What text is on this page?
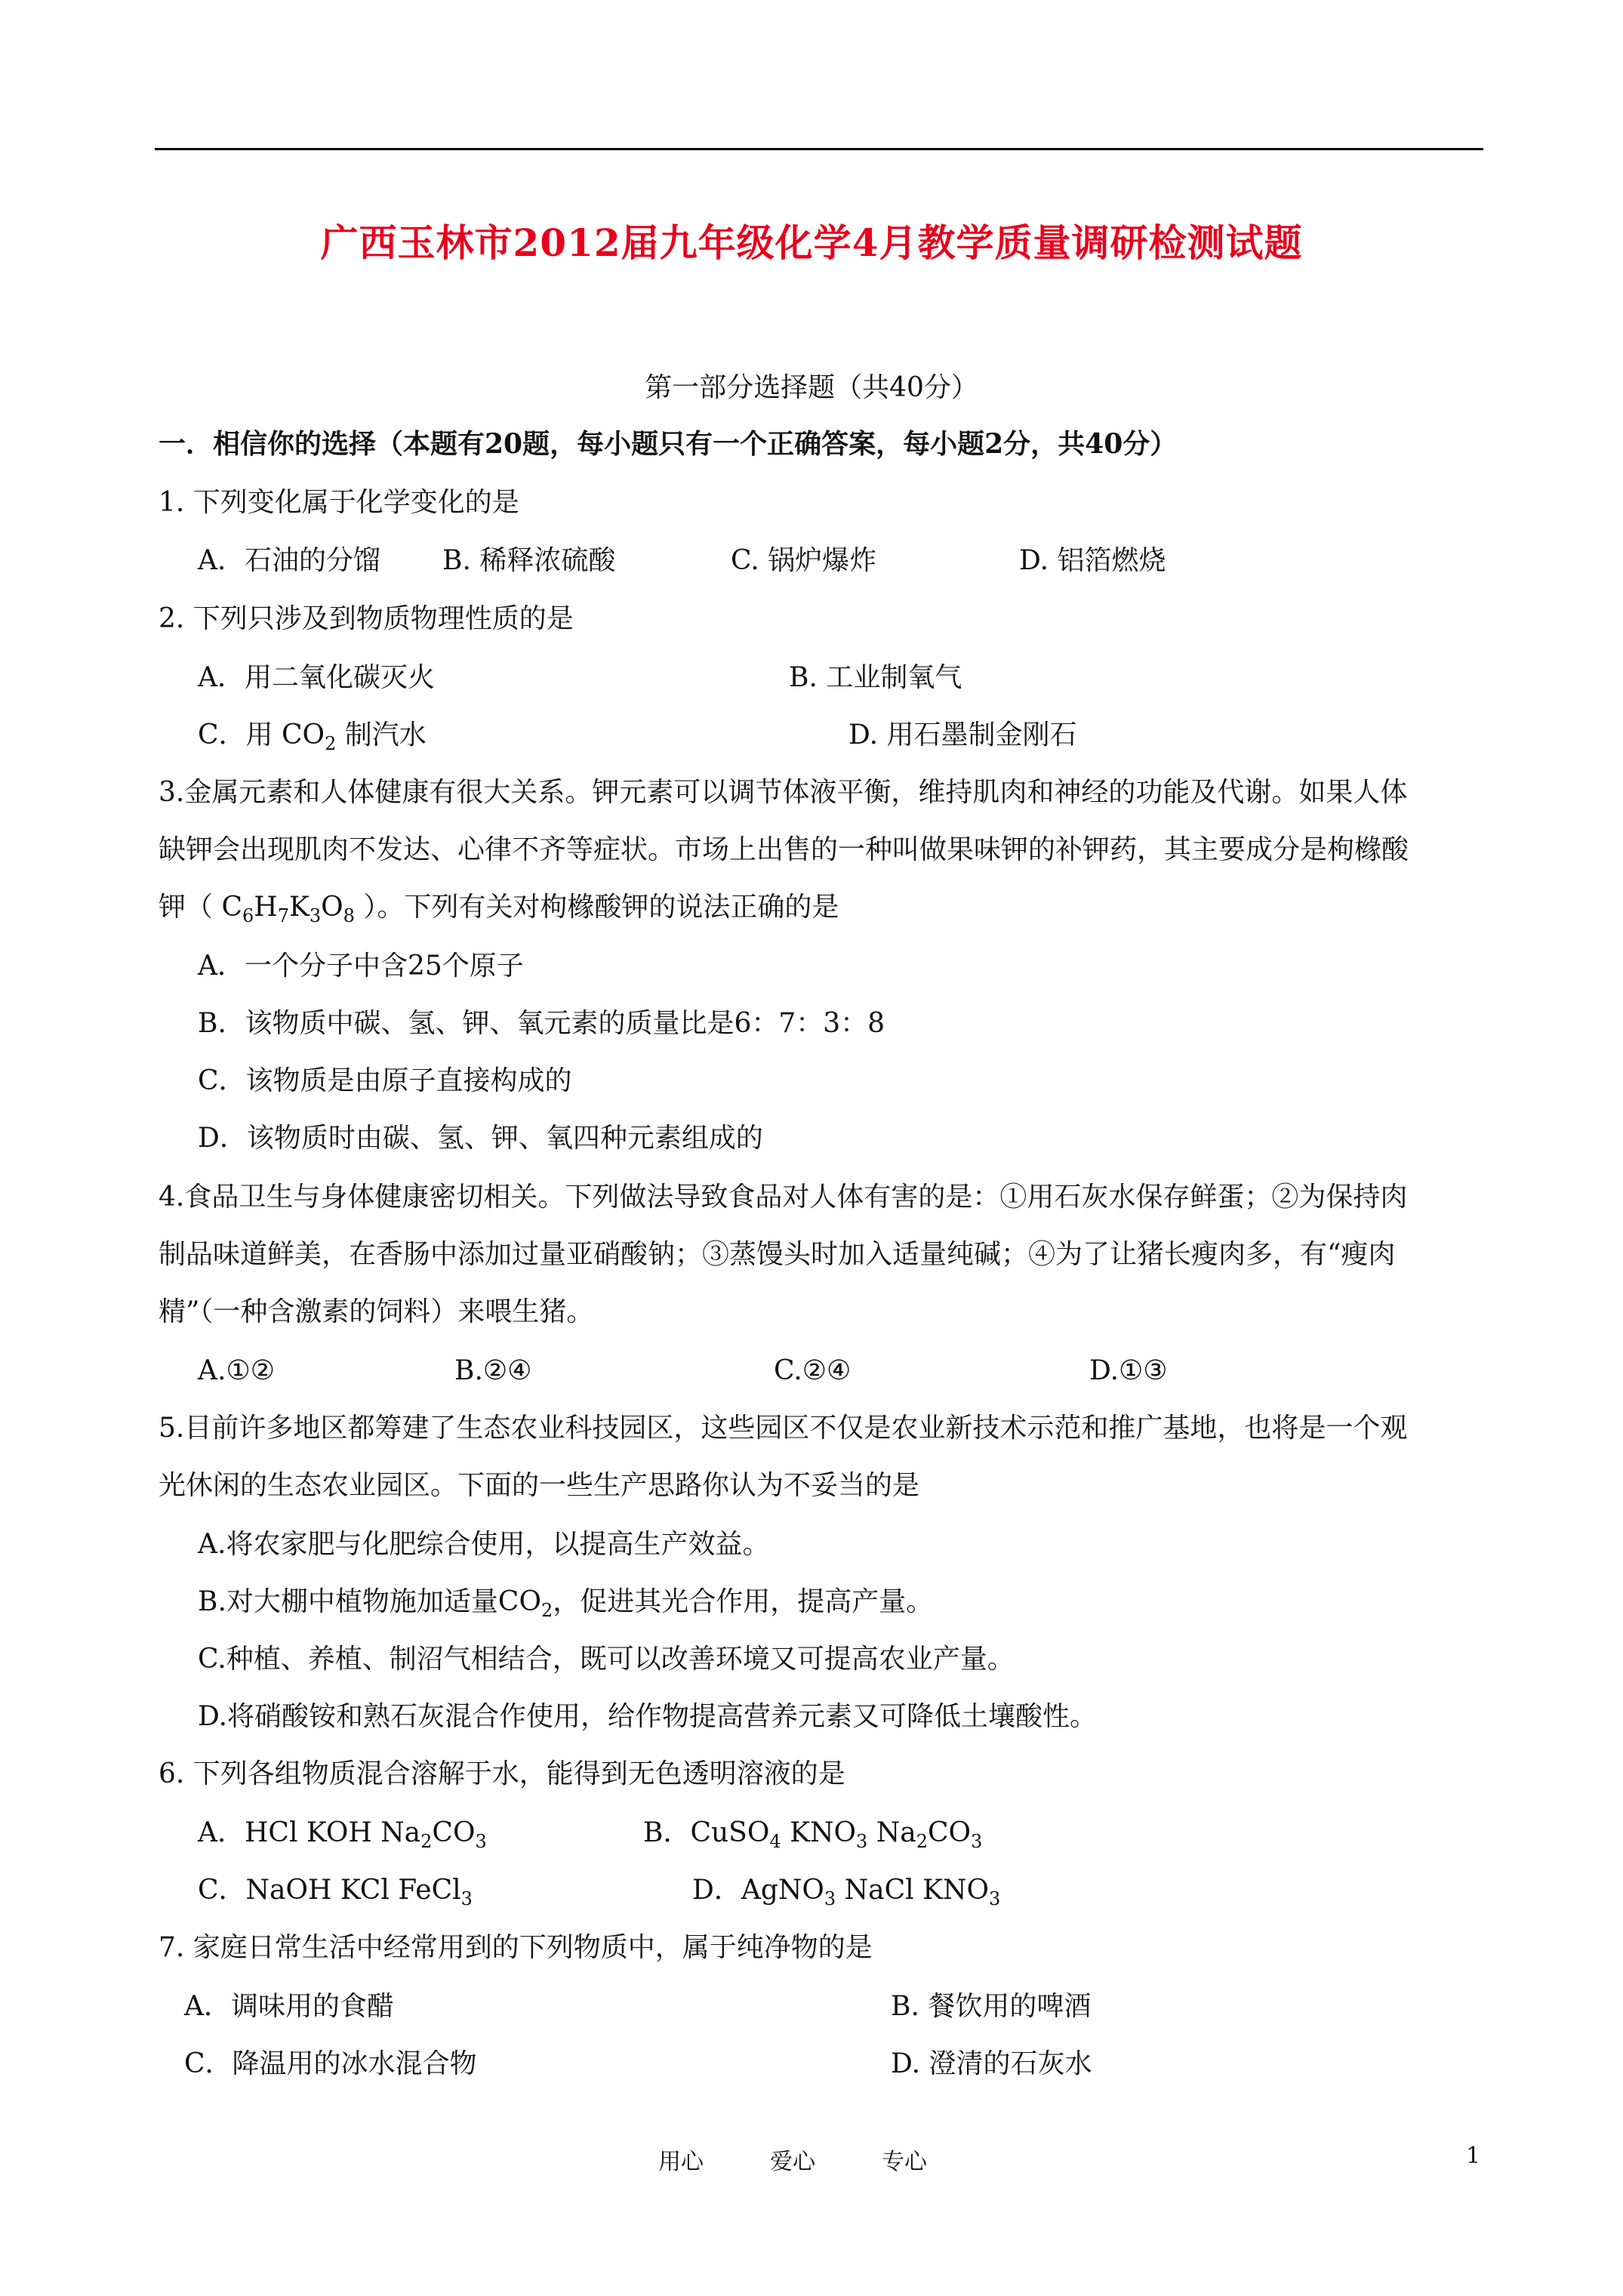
广西玉林市2012届九年级化学4月教学质量调研检测试题
第一部分选择题（共40分）
一．相信你的选择（本题有20题，每小题只有一个正确答案，每小题2分，共40分）
1. 下列变化属于化学变化的是
A．石油的分馏 B. 稀释浓硫酸	C. 锅炉爆炸	D. 铝箔燃烧
2. 下列只涉及到物质物理性质的是
A．用二氧化碳灭火	B. 工业制氧气
C．用 $CO_2$ 制汽水	D. 用石墨制金刚石
3.金属元素和人体健康有很大关系。钾元素可以调节体液平衡，维持肌肉和神经的功能及代谢。如果人体
缺钾会出现肌肉不发达、心律不齐等症状。市场上出售的一种叫做果味钾的补钾药，其主要成分是枸橼酸
钾（ $C_6H_7K_3O_8$ ）。下列有关对枸橼酸钾的说法正确的是
A．一个分子中含25个原子
B．该物质中碳、氢、钾、氧元素的质量比是6：7：3：8
C．该物质是由原子直接构成的
D．该物质时由碳、氢、钾、氧四种元素组成的
4.食品卫生与身体健康密切相关。下列做法导致食品对人体有害的是：①用石灰水保存鲜蛋；②为保持肉
制品味道鲜美，在香肠中添加过量亚硝酸钠；③蒸馒头时加入适量纯碱；④为了让猪长瘦肉多，有“瘦肉
精”（一种含激素的饲料）来喂生猪。
A.①②	B.②④	C.②④	D.①③
5.目前许多地区都筹建了生态农业科技园区，这些园区不仅是农业新技术示范和推广基地，也将是一个观
光休闲的生态农业园区。下面的一些生产思路你认为不妥当的是
A.将农家肥与化肥综合使用，以提高生产效益。
B.对大棚中植物施加适量$CO_2$，促进其光合作用，提高产量。
C.种植、养植、制沼气相结合，既可以改善环境又可提高农业产量。
D.将硝酸铵和熟石灰混合作使用，给作物提高营养元素又可降低土壤酸性。
6. 下列各组物质混合溶解于水，能得到无色透明溶液的是
A．HCl KOH $Na_2CO_3$	B．CuSO$_4$ $KNO_3$ $Na_2CO_3$
C．NaOH KCl FeCl$_3$	D．AgNO$_3$ NaCl $KNO_3$
7. 家庭日常生活中经常用到的下列物质中，属于纯净物的是
A．调味用的食醋	B. 餐饮用的啤酒
C．降温用的冰水混合物	D. 澄清的石灰水
用心	爱心	专心	1
